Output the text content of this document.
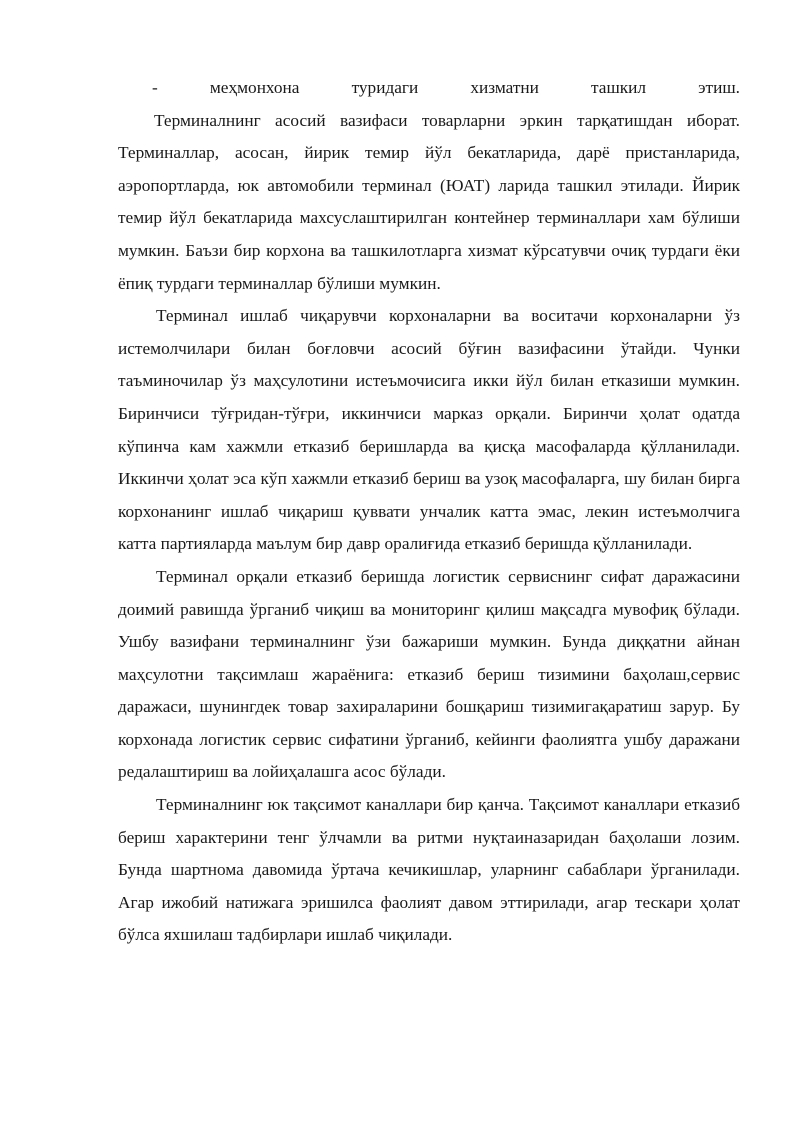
- меҳмонхона туридаги хизматни ташкил этиш.

Терминалнинг асосий вазифаси товарларни эркин тарқатишдан иборат. Терминаллар, асосан, йирик темир йўл бекатларида, дарё пристанларида, аэропортларда, юк автомобили терминал (ЮАТ) ларида ташкил этилади. Йирик темир йўл бекатларида махсуслаштирилган контейнер терминаллари хам бўлиши мумкин. Баъзи бир корхона ва ташкилотларга хизмат кўрсатувчи очиқ турдаги ёки ёпиқ турдаги терминаллар бўлиши мумкин.

Терминал ишлаб чиқарувчи корхоналарни ва воситачи корхоналарни ўз истемолчилари билан боғловчи асосий бўғин вазифасини ўтайди. Чунки таъминочилар ўз маҳсулотини истеъмочисига икки йўл билан етказиши мумкин. Биринчиси тўғридан-тўғри, иккинчиси марказ орқали. Биринчи ҳолат одатда кўпинча кам хажмли етказиб беришларда ва қисқа масофаларда қўлланилади. Иккинчи ҳолат эса кўп хажмли етказиб бериш ва узоқ масофаларга, шу билан бирга корхонанинг ишлаб чиқариш қуввати унчалик катта эмас, лекин истеъмолчига катта партияларда маълум бир давр оралиғида етказиб беришда қўлланилади.

Терминал орқали етказиб беришда логистик сервиснинг сифат даражасини доимий равишда ўрганиб чиқиш ва мониторинг қилиш мақсадга мувофиқ бўлади. Ушбу вазифани терминалнинг ўзи бажариши мумкин. Бунда диққатни айнан маҳсулотни тақсимлаш жараёнига: етказиб бериш тизимини баҳолаш,сервис даражаси, шунингдек товар захираларини бошқариш тизимигақаратиш зарур. Бу корхонада логистик сервис сифатини ўрганиб, кейинги фаолиятга ушбу даражани редалаштириш ва лойиҳалашга асос бўлади.

Терминалнинг юк тақсимот каналлари бир қанча. Тақсимот каналлари етказиб бериш характерини тенг ўлчамли ва ритми нуқтаиназаридан баҳолаши лозим. Бунда шартнома давомида ўртача кечикишлар, уларнинг сабаблари ўрганилади. Агар ижобий натижага эришилса фаолият давом эттирилади, агар тескари ҳолат бўлса яхшилаш тадбирлари ишлаб чиқилади.
